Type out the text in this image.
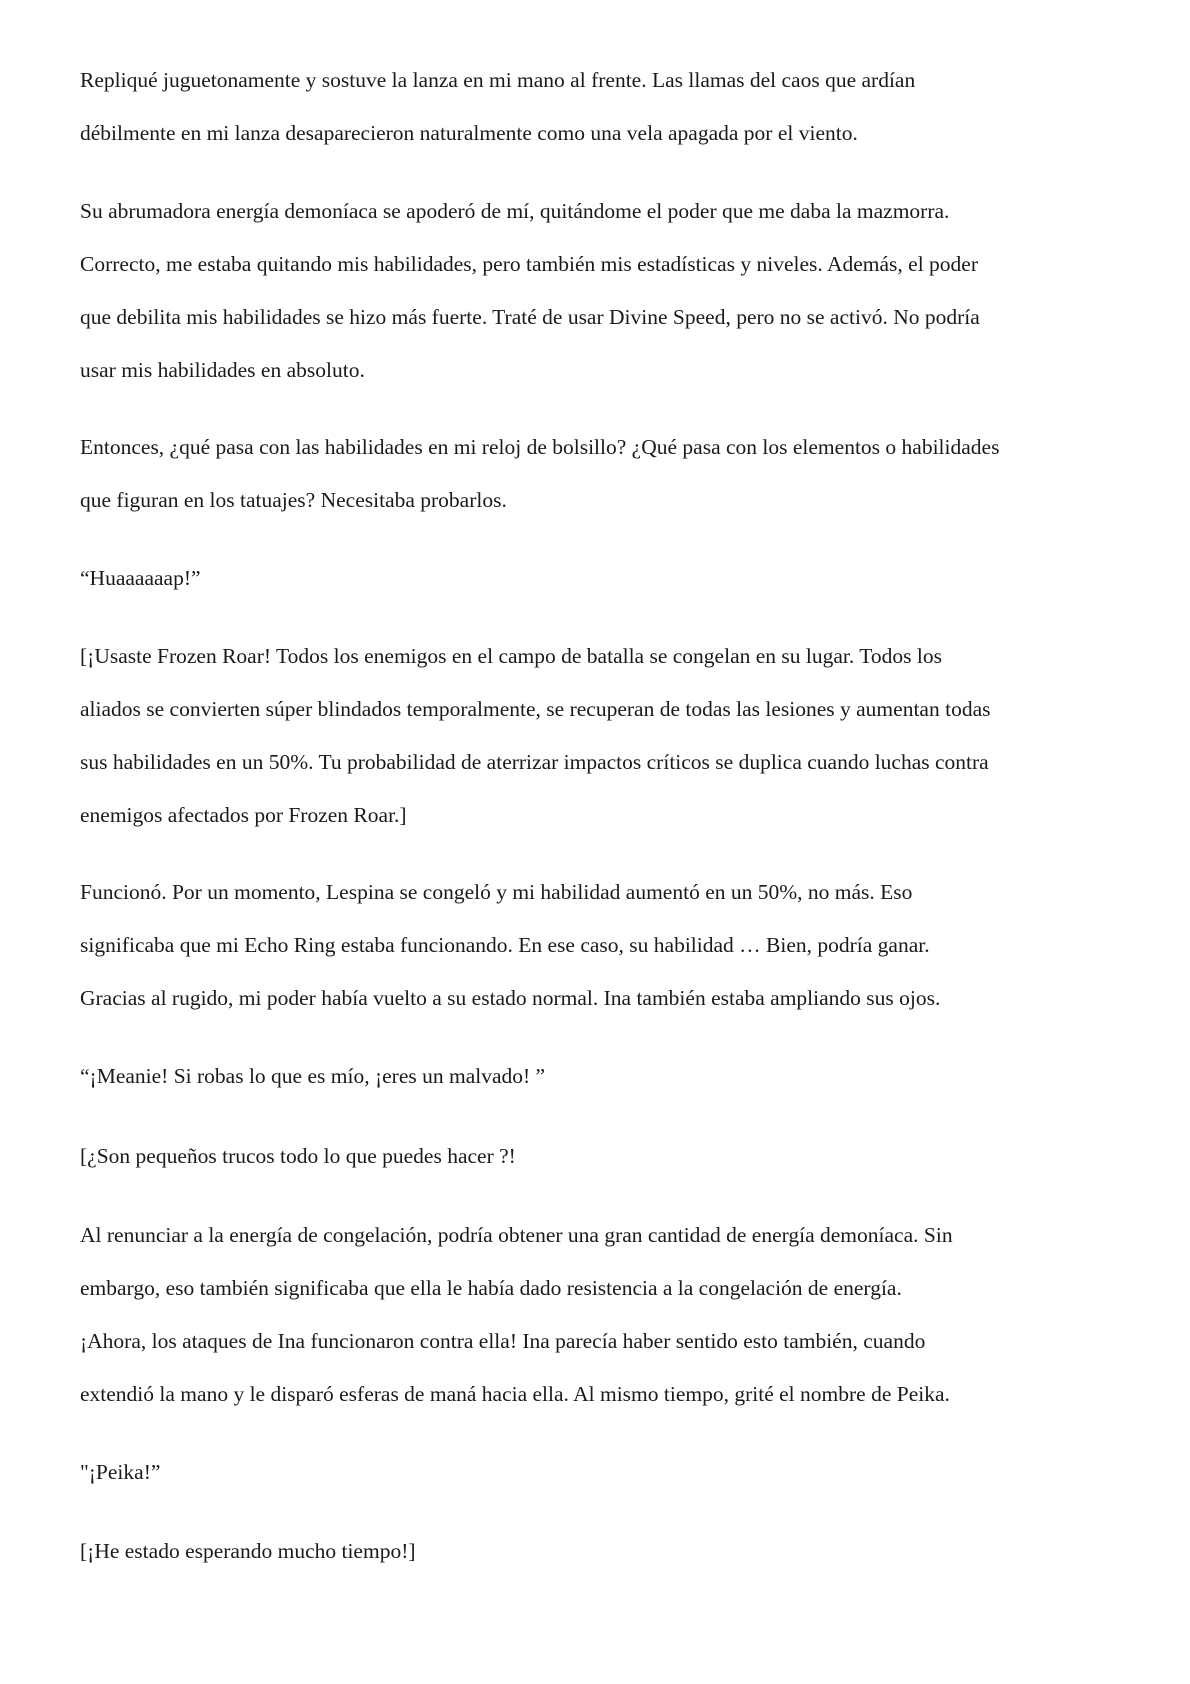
Repliqué juguetonamente y sostuve la lanza en mi mano al frente. Las llamas del caos que ardían
débilmente en mi lanza desaparecieron naturalmente como una vela apagada por el viento.
Su abrumadora energía demoníaca se apoderó de mí, quitándome el poder que me daba la mazmorra.
Correcto, me estaba quitando mis habilidades, pero también mis estadísticas y niveles. Además, el poder
que debilita mis habilidades se hizo más fuerte. Traté de usar Divine Speed, pero no se activó. No podría
usar mis habilidades en absoluto.
Entonces, ¿qué pasa con las habilidades en mi reloj de bolsillo? ¿Qué pasa con los elementos o habilidades
que figuran en los tatuajes? Necesitaba probarlos.
“Huaaaaaap!”
[¡Usaste Frozen Roar! Todos los enemigos en el campo de batalla se congelan en su lugar. Todos los
aliados se convierten súper blindados temporalmente, se recuperan de todas las lesiones y aumentan todas
sus habilidades en un 50%. Tu probabilidad de aterrizar impactos críticos se duplica cuando luchas contra
enemigos afectados por Frozen Roar.]
Funcionó. Por un momento, Lespina se congeló y mi habilidad aumentó en un 50%, no más. Eso
significaba que mi Echo Ring estaba funcionando. En ese caso, su habilidad … Bien, podría ganar.
Gracias al rugido, mi poder había vuelto a su estado normal. Ina también estaba ampliando sus ojos.
“¡Meanie! Si robas lo que es mío, ¡eres un malvado! ”
[¿Son pequeños trucos todo lo que puedes hacer ?!
Al renunciar a la energía de congelación, podría obtener una gran cantidad de energía demoníaca. Sin
embargo, eso también significaba que ella le había dado resistencia a la congelación de energía.
¡Ahora, los ataques de Ina funcionaron contra ella! Ina parecía haber sentido esto también, cuando
extendió la mano y le disparó esferas de maná hacia ella. Al mismo tiempo, grité el nombre de Peika.
"¡Peika!”
[¡He estado esperando mucho tiempo!]
